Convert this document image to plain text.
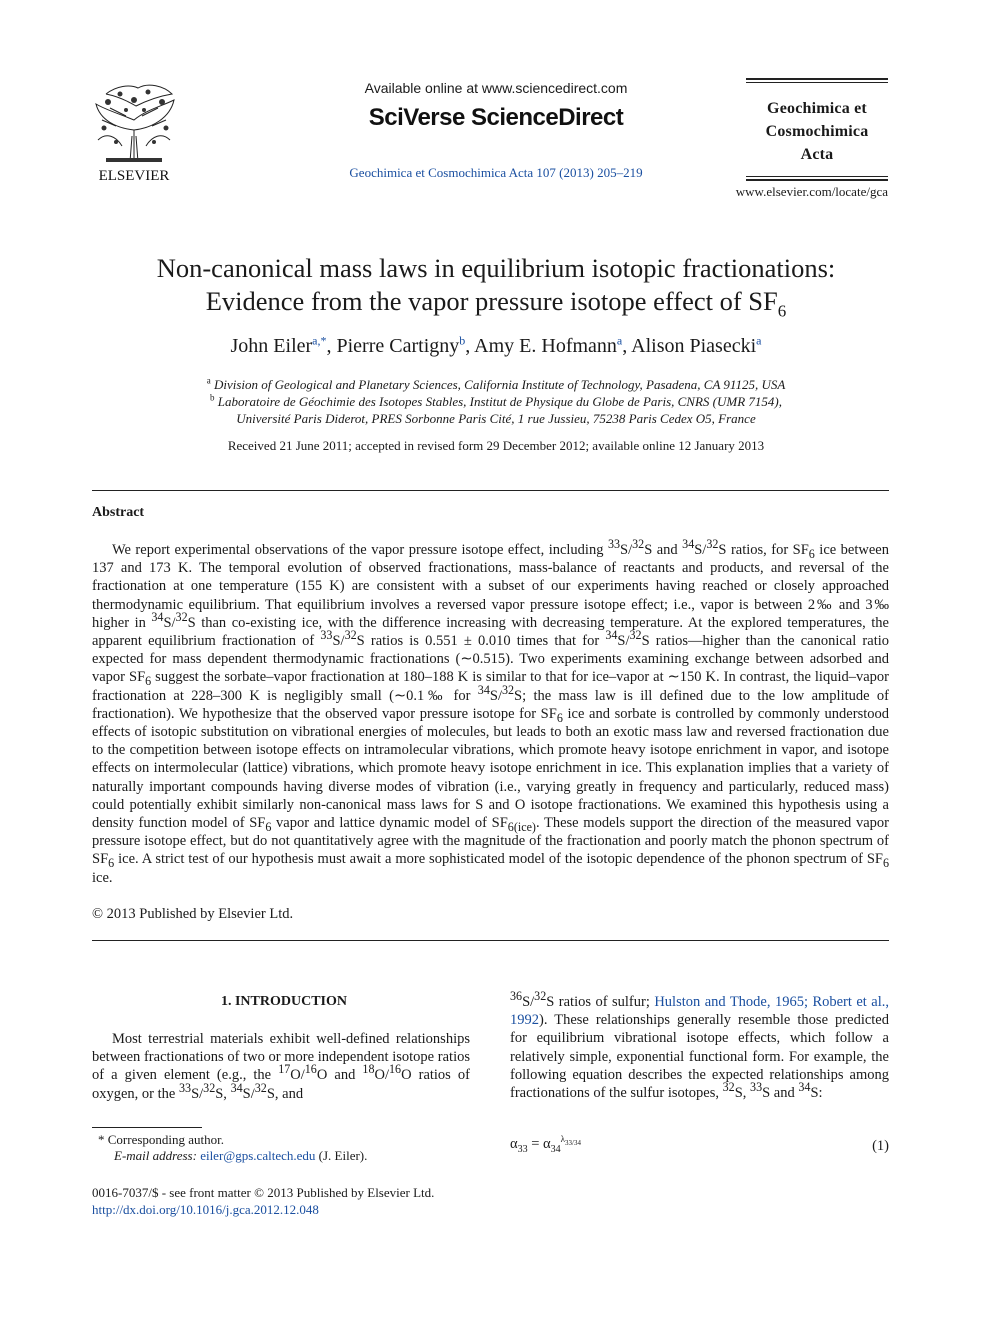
ELSEVIER
Available online at www.sciencedirect.com
SciVerse ScienceDirect
Geochimica et Cosmochimica Acta 107 (2013) 205–219
Geochimica et
Cosmochimica
Acta
www.elsevier.com/locate/gca
Non-canonical mass laws in equilibrium isotopic fractionations:
Evidence from the vapor pressure isotope effect of $SF_6$
John Eiler$^{a,*}$, Pierre Cartigny$^b$, Amy E. Hofmann$^a$, Alison Piasecki$^a$
$^a$ Division of Geological and Planetary Sciences, California Institute of Technology, Pasadena, CA 91125, USA
$^b$ Laboratoire de Géochimie des Isotopes Stables, Institut de Physique du Globe de Paris, CNRS (UMR 7154),
Université Paris Diderot, PRES Sorbonne Paris Cité, 1 rue Jussieu, 75238 Paris Cedex O5, France
Received 21 June 2011; accepted in revised form 29 December 2012; available online 12 January 2013
Abstract

We report experimental observations of the vapor pressure isotope effect, including $^{33}$S/$^{32}$S and $^{34}$S/$^{32}$S ratios, for $SF_6$ ice between 137 and 173 K. The temporal evolution of observed fractionations, mass-balance of reactants and products, and reversal of the fractionation at one temperature (155 K) are consistent with a subset of our experiments having reached or closely approached thermodynamic equilibrium. That equilibrium involves a reversed vapor pressure isotope effect; i.e., vapor is between 2‰ and 3‰ higher in $^{34}$S/$^{32}$S than co-existing ice, with the difference increasing with decreasing temperature. At the explored temperatures, the apparent equilibrium fractionation of $^{33}$S/$^{32}$S ratios is 0.551 ± 0.010 times that for $^{34}$S/$^{32}$S ratios—higher than the canonical ratio expected for mass dependent thermodynamic fractionations (∼0.515). Two experiments examining exchange between adsorbed and vapor $SF_6$ suggest the sorbate–vapor fractionation at 180–188 K is similar to that for ice–vapor at ∼150 K. In contrast, the liquid–vapor fractionation at 228–300 K is negligibly small (∼0.1‰ for $^{34}$S/$^{32}$S; the mass law is ill defined due to the low amplitude of fractionation). We hypothesize that the observed vapor pressure isotope for $SF_6$ ice and sorbate is controlled by commonly understood effects of isotopic substitution on vibrational energies of molecules, but leads to both an exotic mass law and reversed fractionation due to the competition between isotope effects on intramolecular vibrations, which promote heavy isotope enrichment in vapor, and isotope effects on intermolecular (lattice) vibrations, which promote heavy isotope enrichment in ice. This explanation implies that a variety of naturally important compounds having diverse modes of vibration (i.e., varying greatly in frequency and particularly, reduced mass) could potentially exhibit similarly non-canonical mass laws for S and O isotope fractionations. We examined this hypothesis using a density function model of $SF_6$ vapor and lattice dynamic model of $SF_{6(ice)}$. These models support the direction of the measured vapor pressure isotope effect, but do not quantitatively agree with the magnitude of the fractionation and poorly match the phonon spectrum of $SF_6$ ice. A strict test of our hypothesis must await a more sophisticated model of the isotopic dependence of the phonon spectrum of $SF_6$ ice.

© 2013 Published by Elsevier Ltd.
1. INTRODUCTION

Most terrestrial materials exhibit well-defined relationships between fractionations of two or more independent isotope ratios of a given element (e.g., the $^{17}$O/$^{16}$O and $^{18}$O/$^{16}$O ratios of oxygen, or the $^{33}$S/$^{32}$S, $^{34}$S/$^{32}$S, and

* Corresponding author.
E-mail address: eiler@gps.caltech.edu (J. Eiler).
0016-7037/$ - see front matter © 2013 Published by Elsevier Ltd.
http://dx.doi.org/10.1016/j.gca.2012.12.048

$^{36}$S/$^{32}$S ratios of sulfur; Hulston and Thode, 1965; Robert et al., 1992). These relationships generally resemble those predicted for equilibrium vibrational isotope effects, which follow a relatively simple, exponential functional form. For example, the following equation describes the expected relationships among fractionations of the sulfur isotopes, $^{32}$S, $^{33}$S and $^{34}$S:

$\alpha_{33} = \alpha_{34}^{\lambda_{33/34}}$	(1)
